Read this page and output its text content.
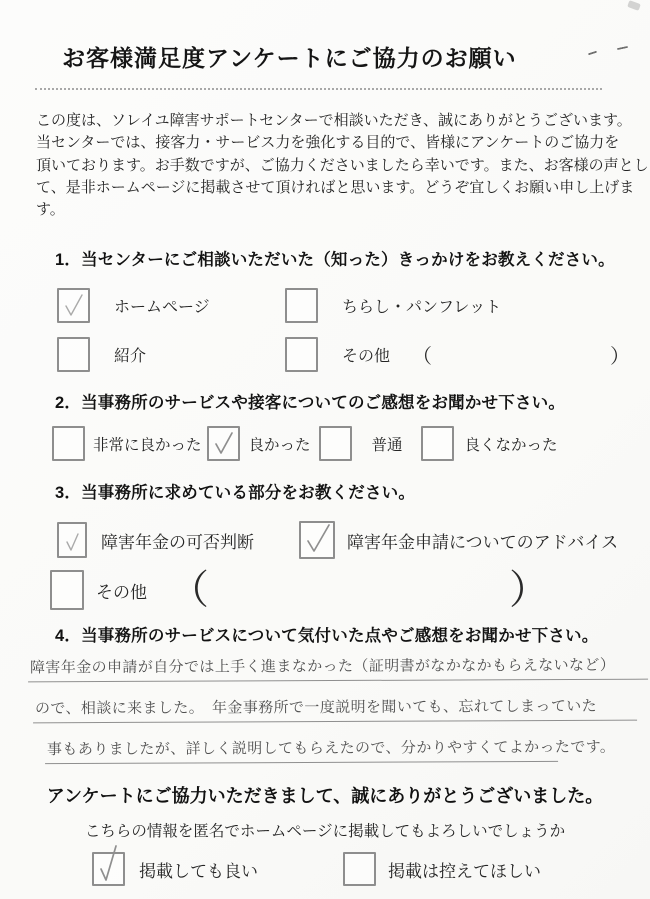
お客様満足度アンケートにご協力のお願い
この度は、ソレイユ障害サポートセンターで相談いただき、誠にありがとうございます。
当センターでは、接客力・サービス力を強化する目的で、皆様にアンケートのご協力を
頂いております。お手数ですが、ご協力くださいましたら幸いです。また、お客様の声とし
て、是非ホームページに掲載させて頂ければと思います。どうぞ宜しくお願い申し上げま
す。
1．当センターにご相談いただいた（知った）きっかけをお教えください。
ホームページ	ちらし・パンフレット
紹介	その他 （	）
2．当事務所のサービスや接客についてのご感想をお聞かせ下さい。
非常に良かった	良かった	普通	良くなかった
3．当事務所に求めている部分をお教ください。
障害年金の可否判断	障害年金申請についてのアドバイス
その他 （	）
4．当事務所のサービスについて気付いた点やご感想をお聞かせ下さい。
障害年金の申請が自分では上手く進まなかった（証明書がなかなかもらえないなど）
ので、相談に来ました。　年金事務所で一度説明を聞いても、忘れてしまっていた
事もありましたが、詳しく説明してもらえたので、分かりやすくてよかったです。
アンケートにご協力いただきまして、誠にありがとうございました。
こちらの情報を匿名でホームページに掲載してもよろしいでしょうか
掲載しても良い	掲載は控えてほしい
